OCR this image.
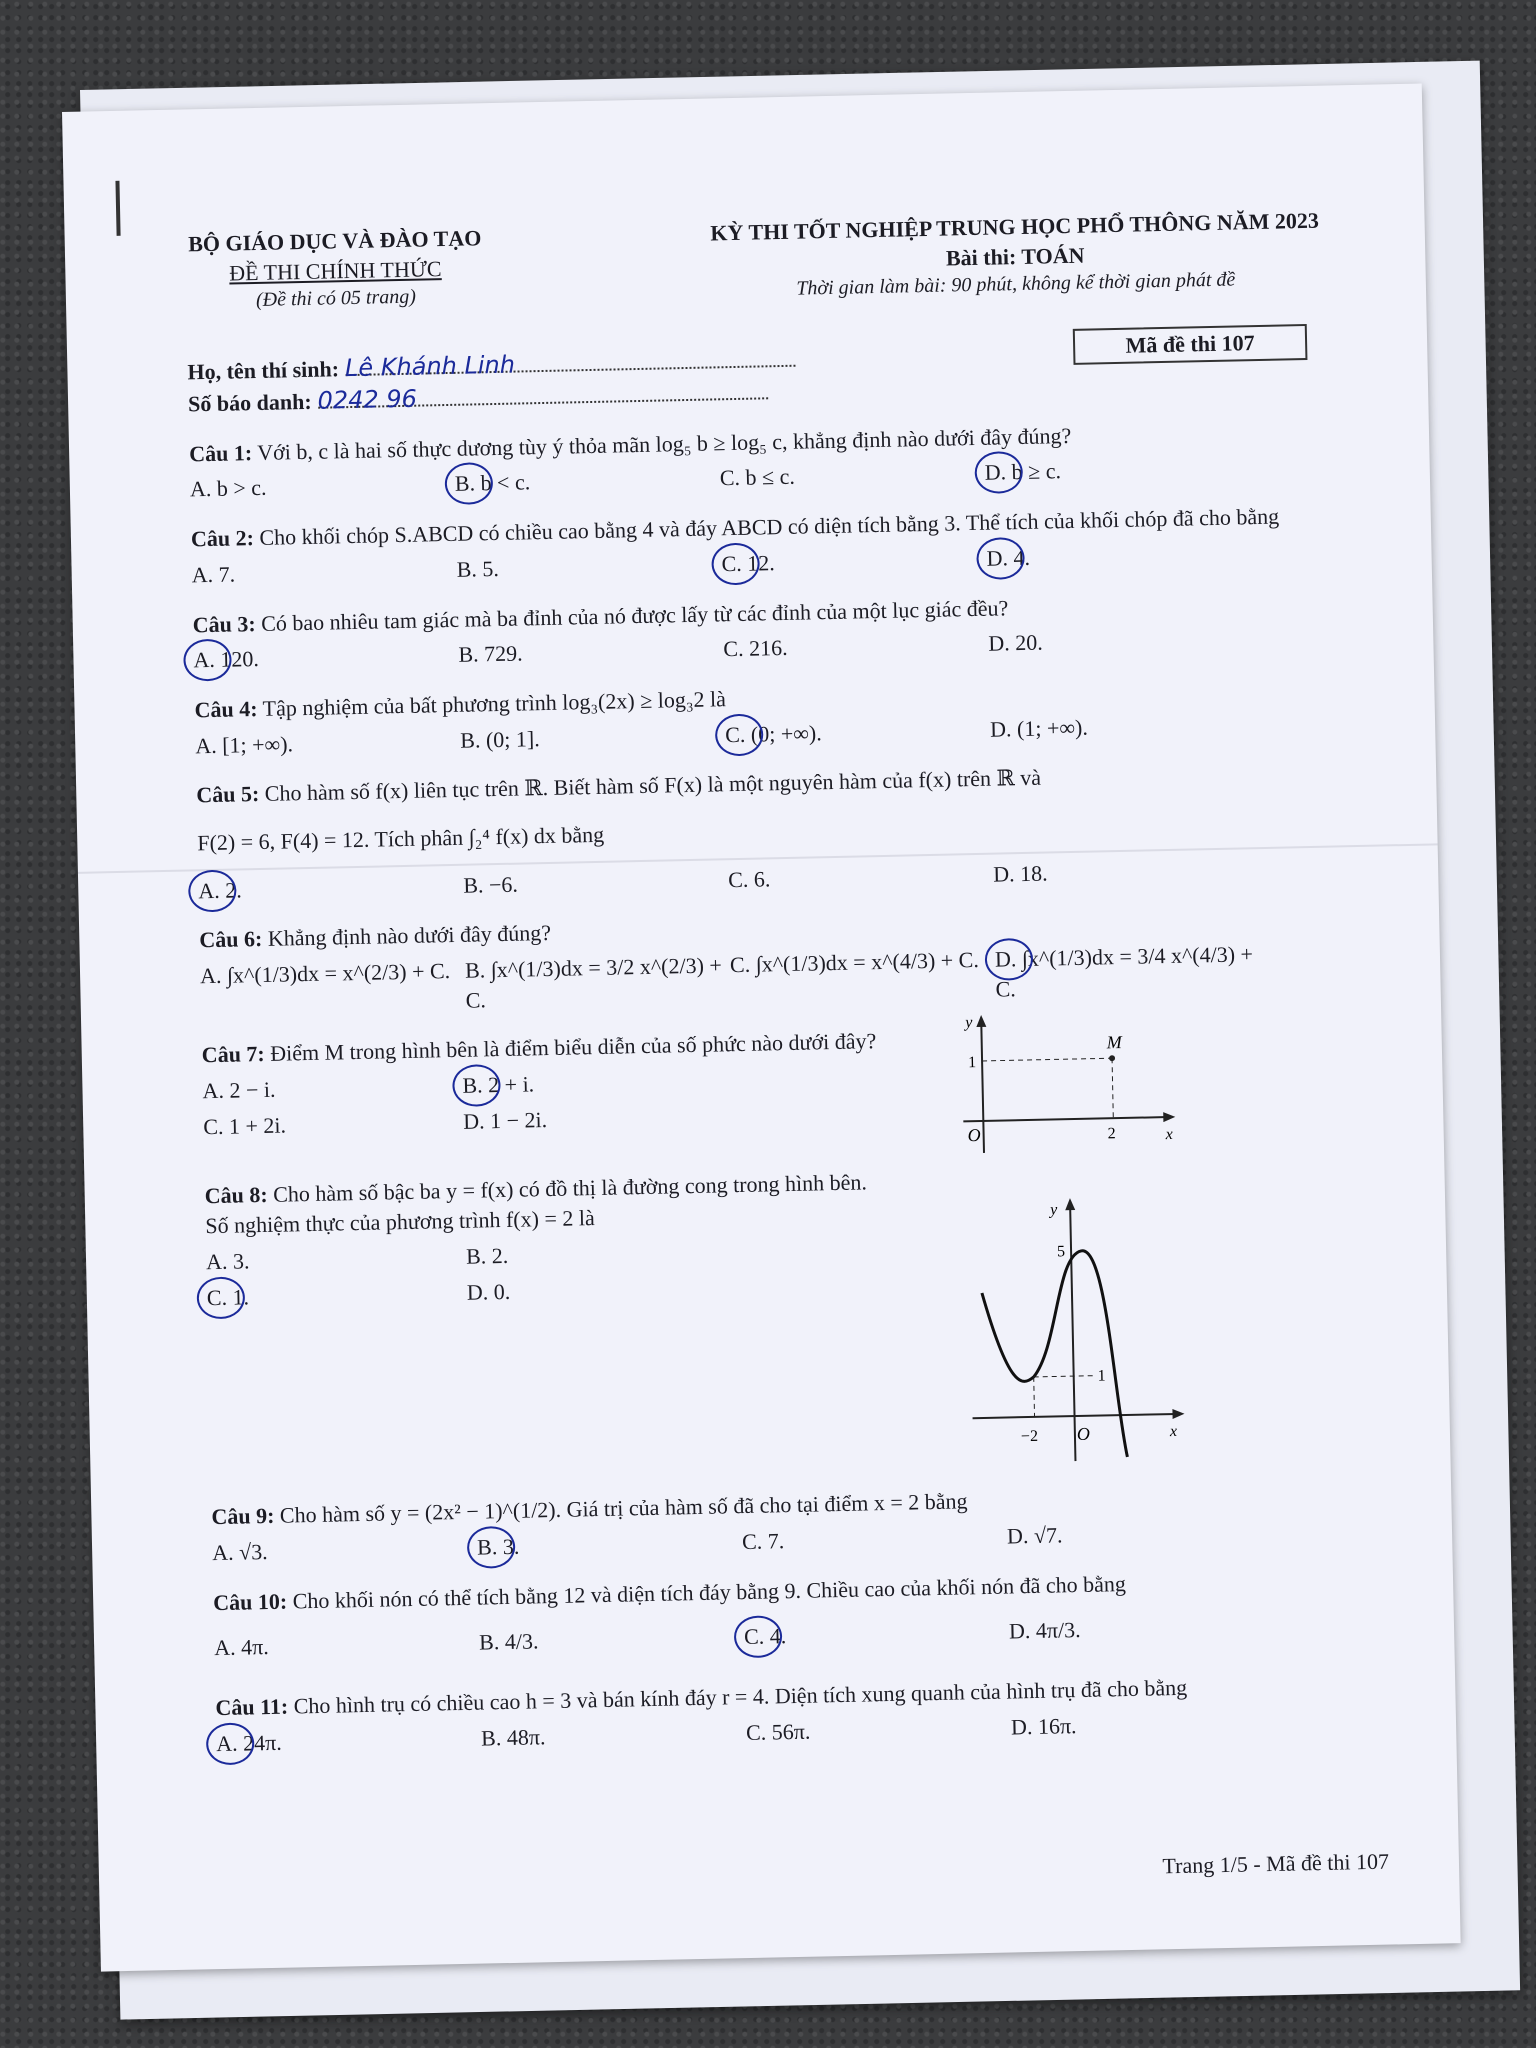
BỘ GIÁO DỤC VÀ ĐÀO TẠO
ĐỀ THI CHÍNH THỨC
(Đề thi có 05 trang)
KỲ THI TỐT NGHIỆP TRUNG HỌC PHỔ THÔNG NĂM 2023
Bài thi: TOÁN
Thời gian làm bài: 90 phút, không kể thời gian phát đề
Mã đề thi 107
Họ, tên thí sinh: Lê Khánh Linh
Số báo danh: 0242 96
Câu 1: Với b, c là hai số thực dương tùy ý thỏa mãn log₅ b ≥ log₅ c, khẳng định nào dưới đây đúng?
A. b > c.	B. b < c.	C. b ≤ c.	D. b ≥ c.
Câu 2: Cho khối chóp S.ABCD có chiều cao bằng 4 và đáy ABCD có diện tích bằng 3. Thể tích của khối chóp đã cho bằng
A. 7.	B. 5.	C. 12.	D. 4.
Câu 3: Có bao nhiêu tam giác mà ba đỉnh của nó được lấy từ các đỉnh của một lục giác đều?
A. 120.	B. 729.	C. 216.	D. 20.
Câu 4: Tập nghiệm của bất phương trình log₃(2x) ≥ log₃2 là
A. [1; +∞).	B. (0; 1].	C. (0; +∞).	D. (1; +∞).
Câu 5: Cho hàm số f(x) liên tục trên ℝ. Biết hàm số F(x) là một nguyên hàm của f(x) trên ℝ và
F(2) = 6, F(4) = 12. Tích phân ∫₂⁴ f(x) dx bằng
A. 2.	B. −6.	C. 6.	D. 18.
Câu 6: Khẳng định nào dưới đây đúng?
A. ∫x^(1/3)dx = x^(2/3) + C. B. ∫x^(1/3)dx = 3/2 x^(2/3) + C.
C. ∫x^(1/3)dx = x^(4/3) + C. D. ∫x^(1/3)dx = 3/4 x^(4/3) + C.
Câu 7: Điểm M trong hình bên là điểm biểu diễn của số phức nào dưới đây?
A. 2 − i.	B. 2 + i.
C. 1 + 2i.	D. 1 − 2i.
Câu 8: Cho hàm số bậc ba y = f(x) có đồ thị là đường cong trong hình bên.
Số nghiệm thực của phương trình f(x) = 2 là
A. 3.	B. 2.
C. 1.	D. 0.
Câu 9: Cho hàm số y = (2x² − 1)^(1/2). Giá trị của hàm số đã cho tại điểm x = 2 bằng
A. √3.	B. 3.	C. 7.	D. √7.
Câu 10: Cho khối nón có thể tích bằng 12 và diện tích đáy bằng 9. Chiều cao của khối nón đã cho bằng
A. 4π.	B. 4/3.	C. 4.	D. 4π/3.
Câu 11: Cho hình trụ có chiều cao h = 3 và bán kính đáy r = 4. Diện tích xung quanh của hình trụ đã cho bằng
A. 24π.	B. 48π.	C. 56π.	D. 16π.
y
x
O
1
2
M
y
x
O
5
1
−2
Trang 1/5 - Mã đề thi 107
